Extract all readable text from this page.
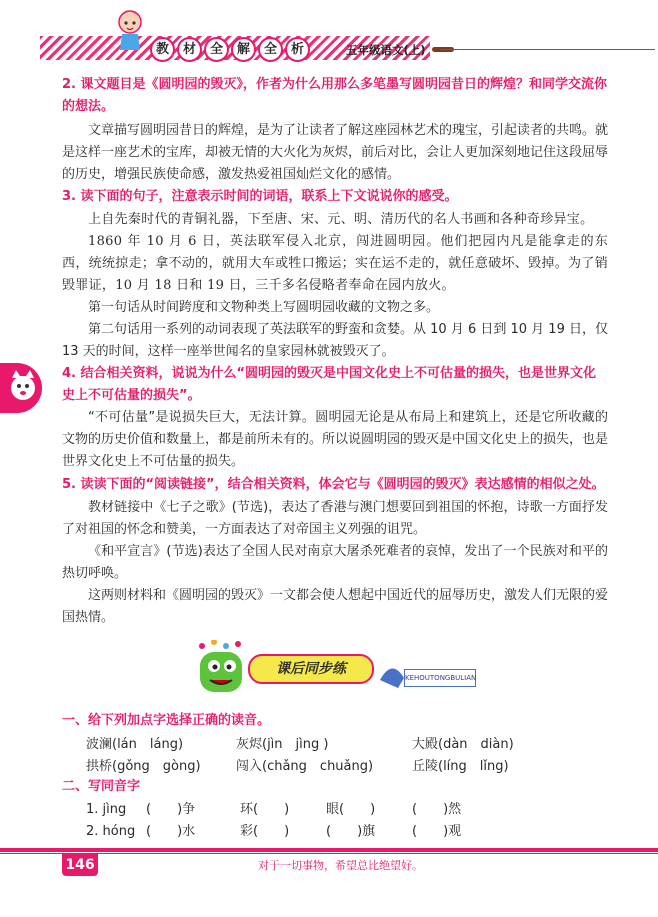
教	材	全	解	全	析	五年级语文(上)
2. 课文题目是《圆明园的毁灭》，作者为什么用那么多笔墨写圆明园昔日的辉煌？和同学交流你的想法。
文章描写圆明园昔日的辉煌，是为了让读者了解这座园林艺术的瑰宝，引起读者的共鸣。就是这样一座艺术的宝库，却被无情的大火化为灰烬，前后对比，会让人更加深刻地记住这段屈辱的历史，增强民族使命感，激发热爱祖国灿烂文化的感情。
3. 读下面的句子，注意表示时间的词语，联系上下文说说你的感受。
上自先秦时代的青铜礼器，下至唐、宋、元、明、清历代的名人书画和各种奇珍异宝。
1860 年 10 月 6 日，英法联军侵入北京，闯进圆明园。他们把园内凡是能拿走的东西，统统掠走；拿不动的，就用大车或牲口搬运；实在运不走的，就任意破坏、毁掉。为了销毁罪证，10 月 18 日和 19 日，三千多名侵略者奉命在园内放火。
第一句话从时间跨度和文物种类上写圆明园收藏的文物之多。
第二句话用一系列的动词表现了英法联军的野蛮和贪婪。从 10 月 6 日到 10 月 19 日，仅 13 天的时间，这样一座举世闻名的皇家园林就被毁灭了。
4. 结合相关资料，说说为什么“圆明园的毁灭是中国文化史上不可估量的损失，也是世界文化史上不可估量的损失”。
“不可估量”是说损失巨大，无法计算。圆明园无论是从布局上和建筑上，还是它所收藏的文物的历史价值和数量上，都是前所未有的。所以说圆明园的毁灭是中国文化史上的损失，也是世界文化史上不可估量的损失。
5. 读读下面的“阅读链接”，结合相关资料，体会它与《圆明园的毁灭》表达感情的相似之处。
教材链接中《七子之歌》(节选)，表达了香港与澳门想要回到祖国的怀抱，诗歌一方面抒发了对祖国的怀念和赞美，一方面表达了对帝国主义列强的诅咒。
《和平宣言》(节选)表达了全国人民对南京大屠杀死难者的哀悼，发出了一个民族对和平的热切呼唤。
这两则材料和《圆明园的毁灭》一文都会使人想起中国近代的屈辱历史，激发人们无限的爱国热情。
课后同步练
KEHOUTONGBULIAN
一、给下列加点字选择正确的读音。
波澜(lán　láng)	灰烬(jìn　jìng )	大殿(dàn　diàn)
拱桥(gǒng　gòng)	闯入(chǎng　chuǎng)	丘陵(líng　lǐng)
二、写同音字
1. jìng (　　)争	环(　　)	眼(　　)	(　　)然
2. hóng (　　)水	彩(　　)	(　　)旗	(　　)观
146	对于一切事物，希望总比绝望好。
